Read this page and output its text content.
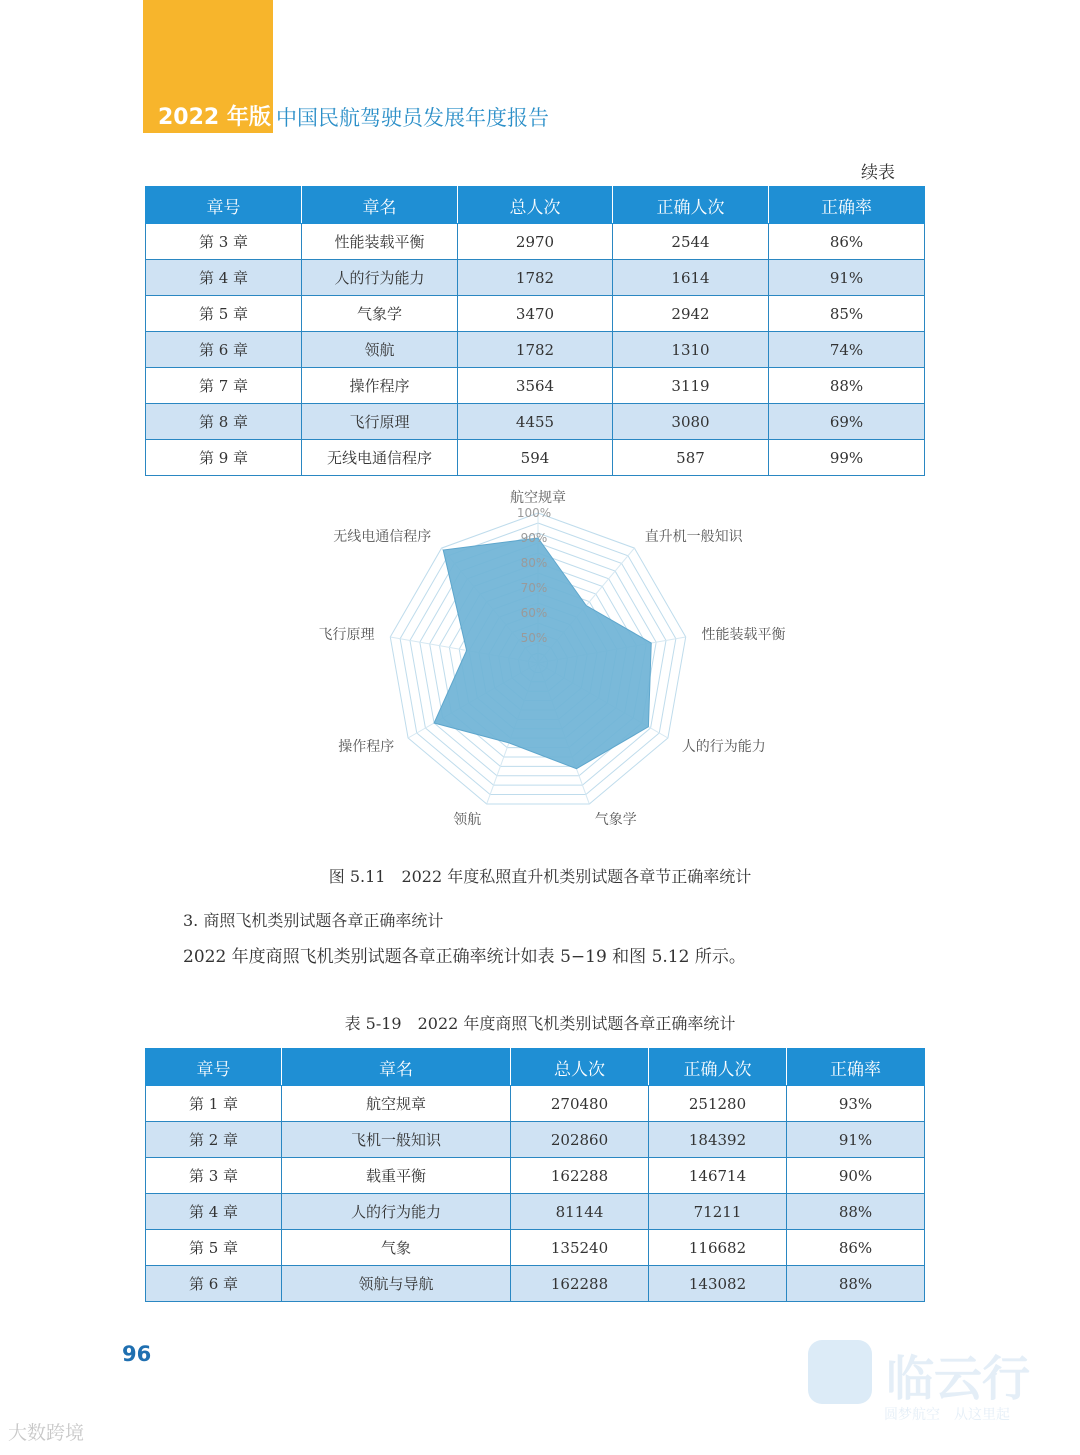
2022 年版 中国民航驾驶员发展年度报告
续表
章号	章名	总人次	正确人次	正确率
第 3 章	性能装载平衡	2970	2544	86%
第 4 章	人的行为能力	1782	1614	91%
第 5 章	气象学	3470	2942	85%
第 6 章	领航	1782	1310	74%
第 7 章	操作程序	3564	3119	88%
第 8 章	飞行原理	4455	3080	69%
第 9 章	无线电通信程序	594	587	99%
100%
90%
80%
70%
60%
50%
航空规章
直升机一般知识
性能装载平衡
人的行为能力
气象学
领航
操作程序
飞行原理
无线电通信程序
图 5.11　2022 年度私照直升机类别试题各章节正确率统计
3. 商照飞机类别试题各章正确率统计
2022 年度商照飞机类别试题各章正确率统计如表 5−19 和图 5.12 所示。
表 5-19　2022 年度商照飞机类别试题各章正确率统计
章号	章名	总人次	正确人次	正确率
第 1 章	航空规章	270480	251280	93%
第 2 章	飞机一般知识	202860	184392	91%
第 3 章	载重平衡	162288	146714	90%
第 4 章	人的行为能力	81144	71211	88%
第 5 章	气象	135240	116682	86%
第 6 章	领航与导航	162288	143082	88%
96
大数跨境
临云行
圆梦航空　从这里起
